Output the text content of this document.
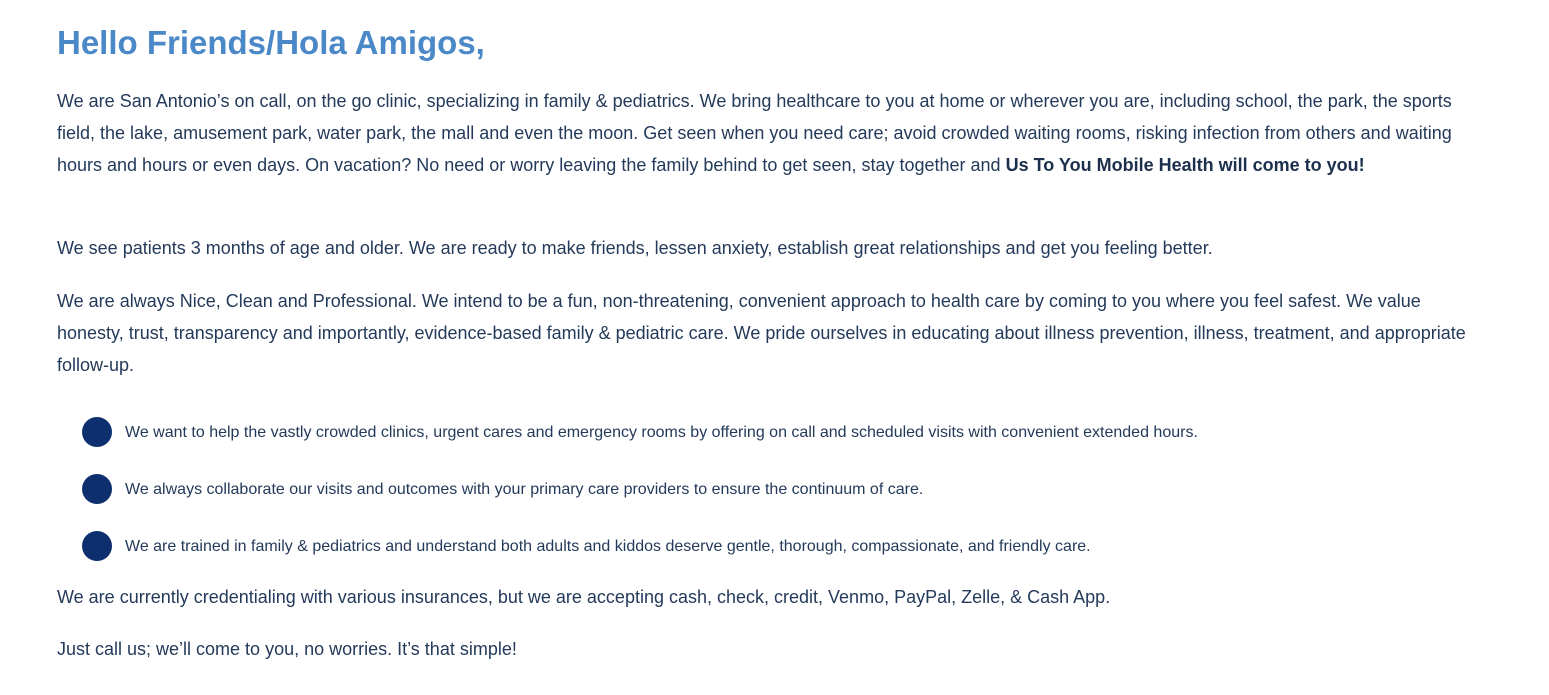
Hello Friends/Hola Amigos,

We are San Antonio’s on call, on the go clinic, specializing in family & pediatrics. We bring healthcare to you at home or wherever you are, including school, the park, the sports field, the lake, amusement park, water park, the mall and even the moon. Get seen when you need care; avoid crowded waiting rooms, risking infection from others and waiting hours and hours or even days. On vacation? No need or worry leaving the family behind to get seen, stay together and Us To You Mobile Health will come to you!

We see patients 3 months of age and older. We are ready to make friends, lessen anxiety, establish great relationships and get you feeling better.

We are always Nice, Clean and Professional. We intend to be a fun, non-threatening, convenient approach to health care by coming to you where you feel safest. We value honesty, trust, transparency and importantly, evidence-based family & pediatric care. We pride ourselves in educating about illness prevention, illness, treatment, and appropriate follow-up.

We want to help the vastly crowded clinics, urgent cares and emergency rooms by offering on call and scheduled visits with convenient extended hours.
We always collaborate our visits and outcomes with your primary care providers to ensure the continuum of care.
We are trained in family & pediatrics and understand both adults and kiddos deserve gentle, thorough, compassionate, and friendly care.

We are currently credentialing with various insurances, but we are accepting cash, check, credit, Venmo, PayPal, Zelle, & Cash App.

Just call us; we’ll come to you, no worries. It’s that simple!
